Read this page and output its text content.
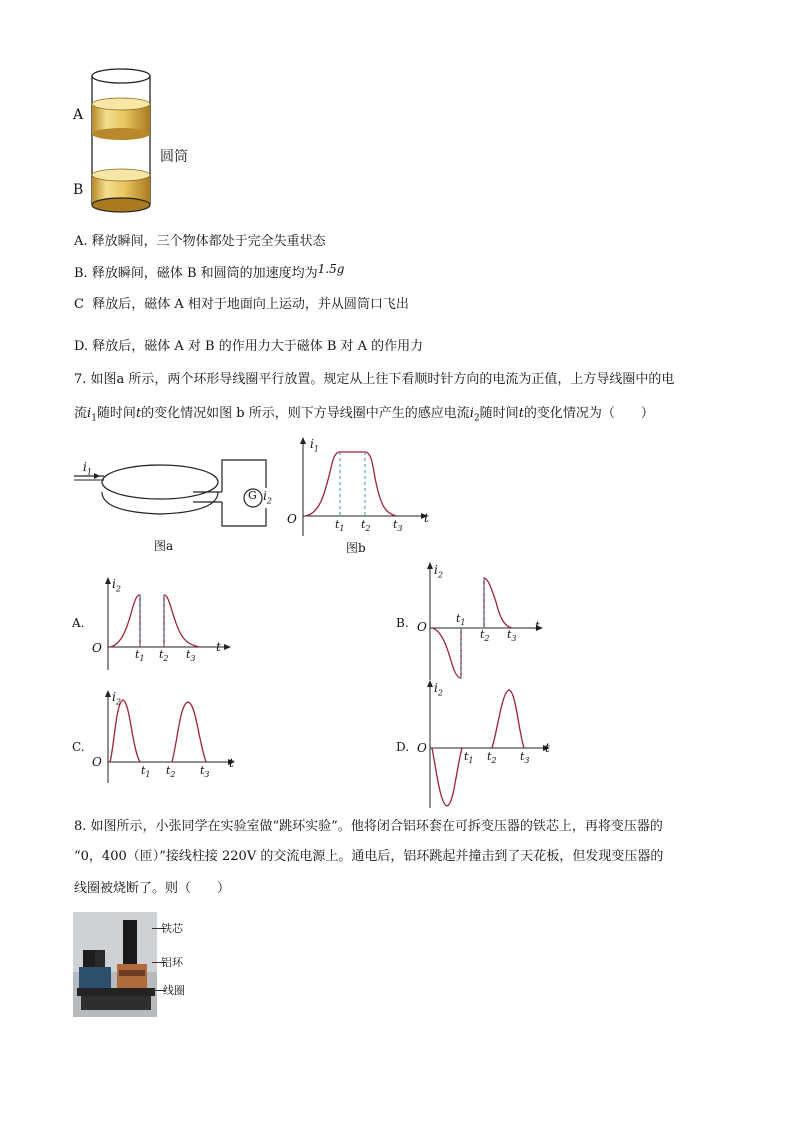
A
B
圆筒
A. 释放瞬间，三个物体都处于完全失重状态
B. 释放瞬间，磁体 B 和圆筒的加速度均为1.5g
C 释放后，磁体 A 相对于地面向上运动，并从圆筒口飞出
D. 释放后，磁体 A 对 B 的作用力大于磁体 B 对 A 的作用力
7. 如图a 所示，两个环形导线圈平行放置。规定从上往下看顺时针方向的电流为正值，上方导线圈中的电
流$i_1$随时间t的变化情况如图 b 所示，则下方导线圈中产生的感应电流$i_2$随时间t的变化情况为（　　）
$i_1$
G $i_2$
图a
O
$i_1$
t
$t_1$ $t_2$ $t_3$
图b
A.
O
$i_2$
t
$t_1$ $t_2$ $t_3$
B. O
$i_2$
t
$t_1$
$t_2$ $t_3$
C.
O
$i_2$
t
$t_1$ $t_2$ $t_3$
D. O
$i_2$
t
$t_1$ $t_2$ $t_3$
8. 如图所示，小张同学在实验室做“跳环实验”。他将闭合铝环套在可拆变压器的铁芯上，再将变压器的
“0，400（匝）”接线柱接 220V 的交流电源上。通电后，铝环跳起并撞击到了天花板，但发现变压器的
线圈被烧断了。则（　　）
铁芯
铝环
线圈
